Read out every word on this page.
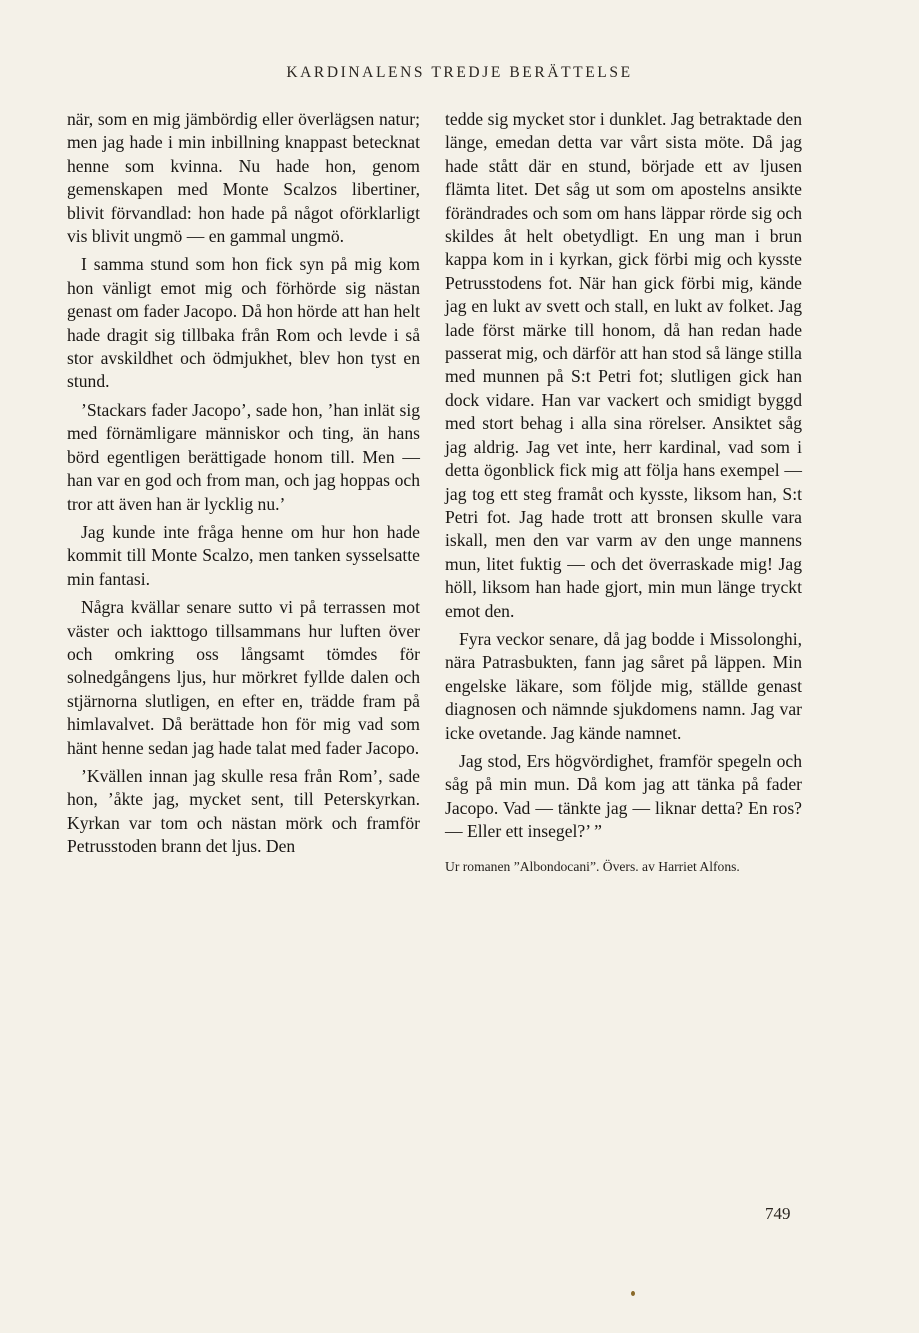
KARDINALENS TREDJE BERÄTTELSE

när, som en mig jämbördig eller överlägsen natur; men jag hade i min inbillning knappast betecknat henne som kvinna. Nu hade hon, genom gemenskapen med Monte Scalzos libertiner, blivit förvandlad: hon hade på något oförklarligt vis blivit ungmö — en gammal ungmö.

I samma stund som hon fick syn på mig kom hon vänligt emot mig och förhörde sig nästan genast om fader Jacopo. Då hon hörde att han helt hade dragit sig tillbaka från Rom och levde i så stor avskildhet och ödmjukhet, blev hon tyst en stund.

’Stackars fader Jacopo’, sade hon, ’han inlät sig med förnämligare människor och ting, än hans börd egentligen berättigade honom till. Men — han var en god och from man, och jag hoppas och tror att även han är lycklig nu.’

Jag kunde inte fråga henne om hur hon hade kommit till Monte Scalzo, men tanken sysselsatte min fantasi.

Några kvällar senare sutto vi på terrassen mot väster och iakttogo tillsammans hur luften över och omkring oss långsamt tömdes för solnedgångens ljus, hur mörkret fyllde dalen och stjärnorna slutligen, en efter en, trädde fram på himlavalvet. Då berättade hon för mig vad som hänt henne sedan jag hade talat med fader Jacopo.

’Kvällen innan jag skulle resa från Rom’, sade hon, ’åkte jag, mycket sent, till Peterskyrkan. Kyrkan var tom och nästan mörk och framför Petrusstoden brann det ljus. Den

tedde sig mycket stor i dunklet. Jag betraktade den länge, emedan detta var vårt sista möte. Då jag hade stått där en stund, började ett av ljusen flämta litet. Det såg ut som om apostelns ansikte förändrades och som om hans läppar rörde sig och skildes åt helt obetydligt. En ung man i brun kappa kom in i kyrkan, gick förbi mig och kysste Petrusstodens fot. När han gick förbi mig, kände jag en lukt av svett och stall, en lukt av folket. Jag lade först märke till honom, då han redan hade passerat mig, och därför att han stod så länge stilla med munnen på S:t Petri fot; slutligen gick han dock vidare. Han var vackert och smidigt byggd med stort behag i alla sina rörelser. Ansiktet såg jag aldrig. Jag vet inte, herr kardinal, vad som i detta ögonblick fick mig att följa hans exempel — jag tog ett steg framåt och kysste, liksom han, S:t Petri fot. Jag hade trott att bronsen skulle vara iskall, men den var varm av den unge mannens mun, litet fuktig — och det överraskade mig! Jag höll, liksom han hade gjort, min mun länge tryckt emot den.

Fyra veckor senare, då jag bodde i Missolonghi, nära Patrasbukten, fann jag såret på läppen. Min engelske läkare, som följde mig, ställde genast diagnosen och nämnde sjukdomens namn. Jag var icke ovetande. Jag kände namnet.

Jag stod, Ers högvördighet, framför spegeln och såg på min mun. Då kom jag att tänka på fader Jacopo. Vad — tänkte jag — liknar detta? En ros? — Eller ett insegel?’ ”

Ur romanen ”Albondocani”. Övers. av Harriet Alfons.
749
